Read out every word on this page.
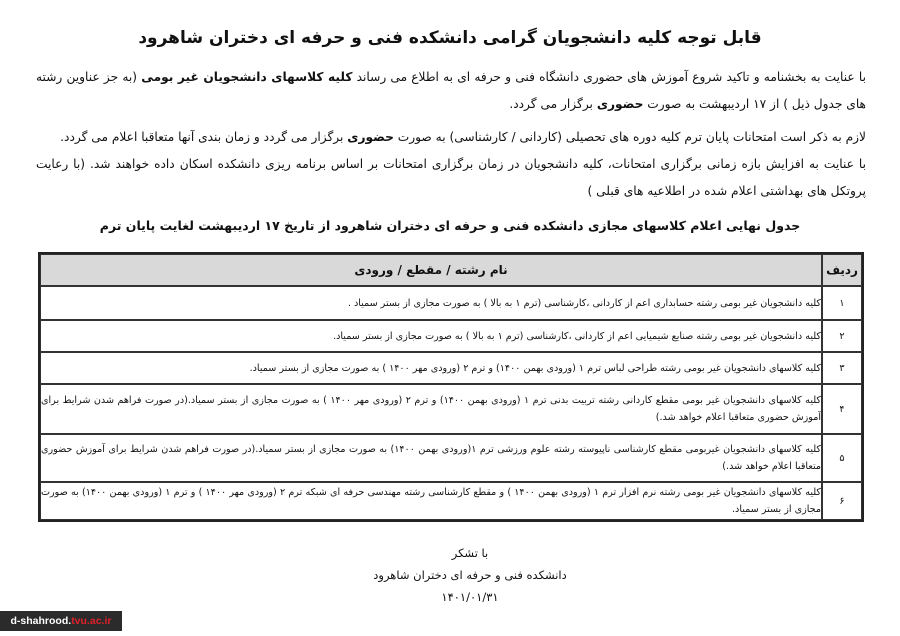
قابل توجه کلیه دانشجویان گرامی دانشکده فنی و حرفه ای دختران شاهرود
با عنایت به بخشنامه و تاکید شروع آموزش های حضوری دانشگاه فنی و حرفه ای به اطلاع می رساند کلیه کلاسهای دانشجویان غیر بومی (به جز عناوین رشته های جدول ذیل ) از ۱۷ اردیبهشت به صورت حضوری برگزار می گردد.
لازم به ذکر است امتحانات پایان ترم کلیه دوره های تحصیلی (کاردانی / کارشناسی) به صورت حضوری برگزار می گردد و زمان بندی آنها متعاقبا اعلام می گردد.
با عنایت به افزایش بازه زمانی برگزاری امتحانات، کلیه دانشجویان در زمان برگزاری امتحانات بر اساس برنامه ریزی دانشکده اسکان داده خواهند شد. (با رعایت پروتکل های بهداشتی اعلام شده در اطلاعیه های قبلی )
جدول نهایی اعلام کلاسهای مجازی دانشکده فنی و حرفه ای دختران شاهرود از تاریخ ۱۷ اردیبهشت لغایت پایان ترم
ردیف	نام رشته / مقطع / ورودی
۱	کلیه دانشجویان غیر بومی رشته حسابداری اعم از کاردانی ،کارشناسی (ترم ۱ به بالا ) به صورت مجازی از بستر سمیاد .
۲	کلیه دانشجویان غیر بومی رشته صنایع شیمیایی اعم از کاردانی ،کارشناسی (ترم ۱ به بالا ) به صورت مجازی از بستر سمیاد.
۳	کلیه کلاسهای دانشجویان غیر بومی رشته طراحی لباس ترم ۱ (ورودی بهمن ۱۴۰۰) و ترم ۲ (ورودی مهر ۱۴۰۰ ) به صورت مجازی از بستر سمیاد.
۴	کلیه کلاسهای دانشجویان غیر بومی مقطع کاردانی رشته تربیت بدنی ترم ۱ (ورودی بهمن ۱۴۰۰) و ترم ۲ (ورودی مهر ۱۴۰۰ ) به صورت مجازی از بستر سمیاد.(در صورت فراهم شدن شرایط برای آموزش حضوری متعاقبا اعلام خواهد شد.)
۵	کلیه کلاسهای دانشجویان غیربومی مقطع کارشناسی ناپیوسته رشته علوم ورزشی ترم ۱(ورودی بهمن ۱۴۰۰) به صورت مجازی از بستر سمیاد.(در صورت فراهم شدن شرایط برای آموزش حضوری متعاقبا اعلام خواهد شد.)
۶	کلیه کلاسهای دانشجویان غیر بومی رشته نرم افزار ترم ۱ (ورودی بهمن ۱۴۰۰ ) و مقطع کارشناسی رشته مهندسی حرفه ای شبکه ترم ۲ (ورودی مهر ۱۴۰۰ ) و ترم ۱ (ورودی بهمن ۱۴۰۰) به صورت مجازی از بستر سمیاد.
با تشکر
دانشکده فنی و حرفه ای دختران شاهرود
۱۴۰۱/۰۱/۳۱
d-shahrood. tvu.ac.ir
